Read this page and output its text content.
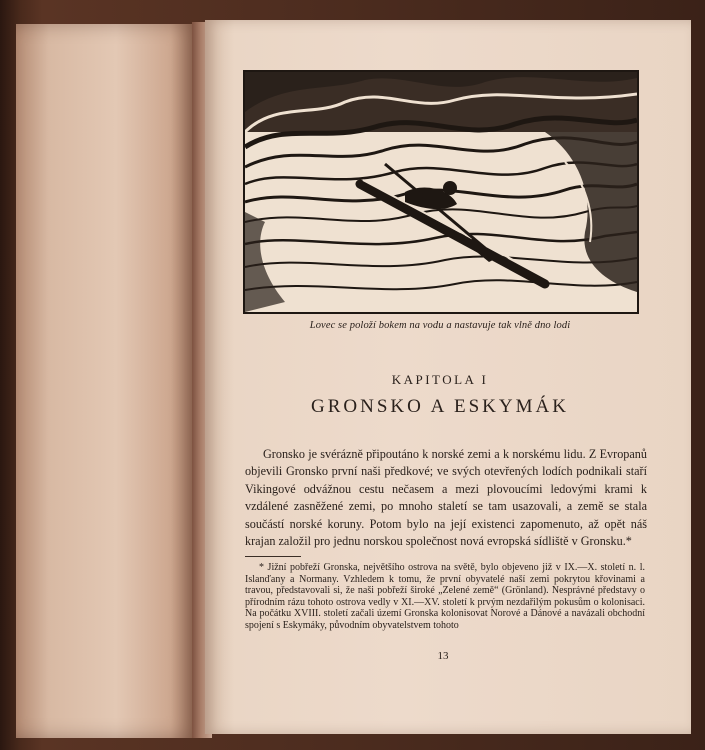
Lovec se položí bokem na vodu a nastavuje tak vlně dno lodi
KAPITOLA I
GRONSKO A ESKYMÁK

Gronsko je svérázně připoutáno k norské zemi a k norskému lidu. Z Evropanů objevili Gronsko první naši předkové; ve svých otevřených lodích podnikali staří Vikingové odvážnou cestu nečasem a mezi plovoucími ledovými krami k vzdálené zasněžené zemi, po mnoho staletí se tam usazovali, a země se stala součástí norské koruny. Potom bylo na její existenci zapomenuto, až opět náš krajan založil pro jednu norskou společnost nová evropská sídliště v Gronsku.*

* Jižní pobřeží Gronska, největšího ostrova na světě, bylo objeveno již v IX.—X. století n. l. Islanďany a Normany. Vzhledem k tomu, že první obyvatelé naší zemi pokrytou křovinami a travou, představovali si, že naši pobřeží široké „Zelené země“ (Grönland). Nesprávné představy o přírodním rázu tohoto ostrova vedly v XI.—XV. století k prvým nezdařilým pokusům o kolonisaci. Na počátku XVIII. století začali území Gronska kolonisovat Norové a Dánové a navázali obchodní spojení s Eskymáky, původním obyvatelstvem tohoto

13
